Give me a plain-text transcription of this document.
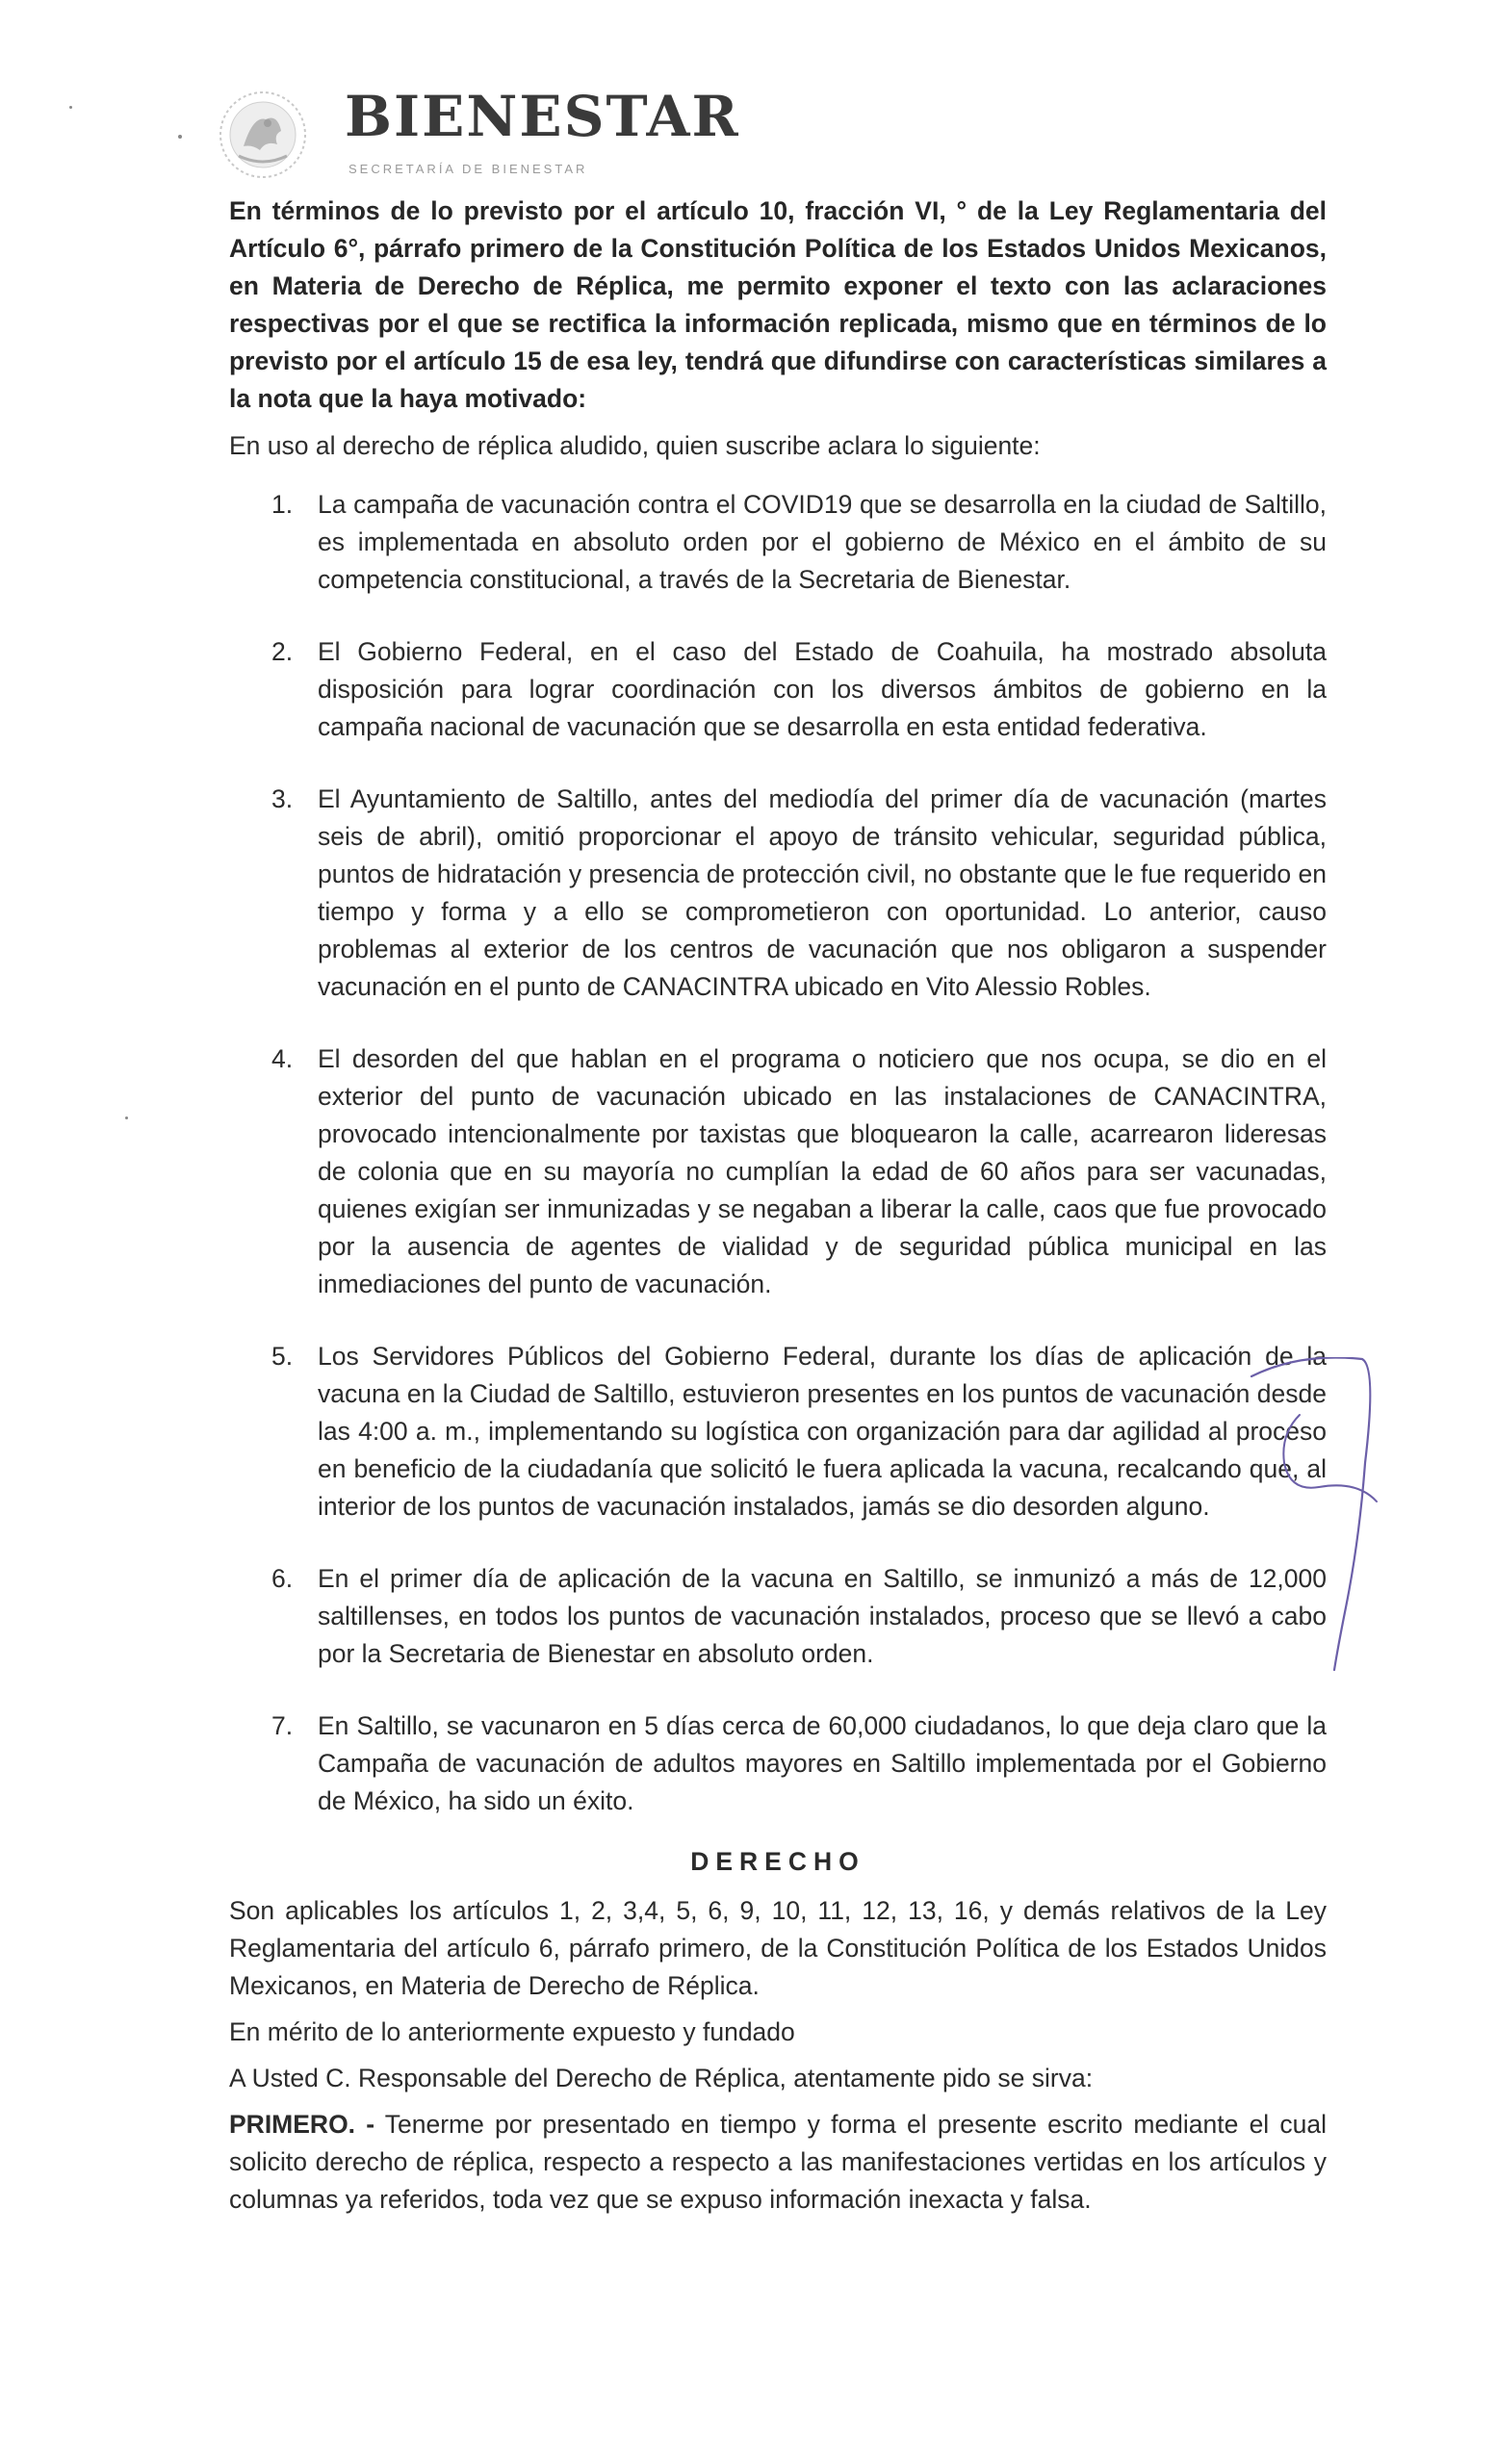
BIENESTAR
SECRETARÍA DE BIENESTAR

En términos de lo previsto por el artículo 10, fracción VI, ° de la Ley Reglamentaria del Artículo 6°, párrafo primero de la Constitución Política de los Estados Unidos Mexicanos, en Materia de Derecho de Réplica, me permito exponer el texto con las aclaraciones respectivas por el que se rectifica la información replicada, mismo que en términos de lo previsto por el artículo 15 de esa ley, tendrá que difundirse con características similares a la nota que la haya motivado:

En uso al derecho de réplica aludido, quien suscribe aclara lo siguiente:

1. La campaña de vacunación contra el COVID19 que se desarrolla en la ciudad de Saltillo, es implementada en absoluto orden por el gobierno de México en el ámbito de su competencia constitucional, a través de la Secretaria de Bienestar.
2. El Gobierno Federal, en el caso del Estado de Coahuila, ha mostrado absoluta disposición para lograr coordinación con los diversos ámbitos de gobierno en la campaña nacional de vacunación que se desarrolla en esta entidad federativa.
3. El Ayuntamiento de Saltillo, antes del mediodía del primer día de vacunación (martes seis de abril), omitió proporcionar el apoyo de tránsito vehicular, seguridad pública, puntos de hidratación y presencia de protección civil, no obstante que le fue requerido en tiempo y forma y a ello se comprometieron con oportunidad. Lo anterior, causo problemas al exterior de los centros de vacunación que nos obligaron a suspender vacunación en el punto de CANACINTRA ubicado en Vito Alessio Robles.
4. El desorden del que hablan en el programa o noticiero que nos ocupa, se dio en el exterior del punto de vacunación ubicado en las instalaciones de CANACINTRA, provocado intencionalmente por taxistas que bloquearon la calle, acarrearon lideresas de colonia que en su mayoría no cumplían la edad de 60 años para ser vacunadas, quienes exigían ser inmunizadas y se negaban a liberar la calle, caos que fue provocado por la ausencia de agentes de vialidad y de seguridad pública municipal en las inmediaciones del punto de vacunación.
5. Los Servidores Públicos del Gobierno Federal, durante los días de aplicación de la vacuna en la Ciudad de Saltillo, estuvieron presentes en los puntos de vacunación desde las 4:00 a. m., implementando su logística con organización para dar agilidad al proceso en beneficio de la ciudadanía que solicitó le fuera aplicada la vacuna, recalcando que, al interior de los puntos de vacunación instalados, jamás se dio desorden alguno.
6. En el primer día de aplicación de la vacuna en Saltillo, se inmunizó a más de 12,000 saltillenses, en todos los puntos de vacunación instalados, proceso que se llevó a cabo por la Secretaria de Bienestar en absoluto orden.
7. En Saltillo, se vacunaron en 5 días cerca de 60,000 ciudadanos, lo que deja claro que la Campaña de vacunación de adultos mayores en Saltillo implementada por el Gobierno de México, ha sido un éxito.
DERECHO

Son aplicables los artículos 1, 2, 3,4, 5, 6, 9, 10, 11, 12, 13, 16, y demás relativos de la Ley Reglamentaria del artículo 6, párrafo primero, de la Constitución Política de los Estados Unidos Mexicanos, en Materia de Derecho de Réplica.

En mérito de lo anteriormente expuesto y fundado

A Usted C. Responsable del Derecho de Réplica, atentamente pido se sirva:

PRIMERO. - Tenerme por presentado en tiempo y forma el presente escrito mediante el cual solicito derecho de réplica, respecto a respecto a las manifestaciones vertidas en los artículos y columnas ya referidos, toda vez que se expuso información inexacta y falsa.
